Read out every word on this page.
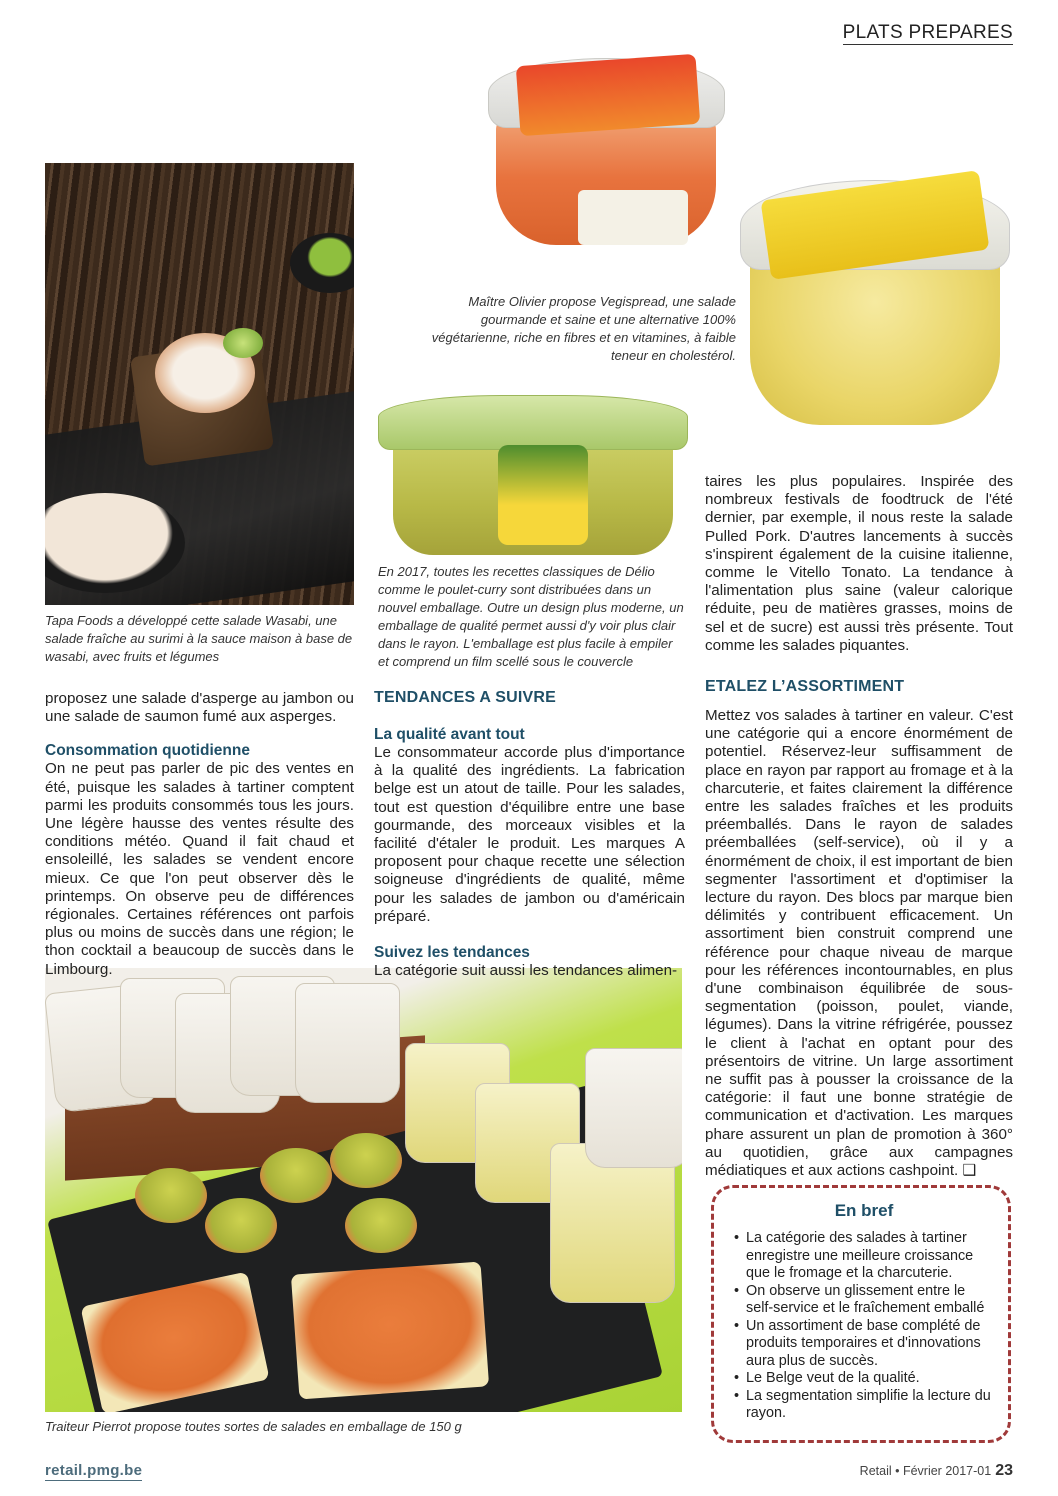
PLATS PREPARES
Tapa Foods a développé cette salade Wasabi, une salade fraîche au surimi à la sauce maison à base de wasabi, avec fruits et légumes
Maître Olivier propose Vegispread, une salade gourmande et saine et une alternative 100% végétarienne, riche en fibres et en vitamines, à faible teneur en cholestérol.
En 2017, toutes les recettes classiques de Délio comme le poulet-curry sont distribuées dans un nouvel emballage. Outre un design plus moderne, un emballage de qualité permet aussi d'y voir plus clair dans le rayon. L'emballage est plus facile à empiler et comprend un film scellé sous le couvercle
Traiteur Pierrot propose toutes sortes de salades en emballage de 150 g

proposez une salade d'asperge au jambon ou une salade de saumon fumé aux asperges.

Consommation quotidienne

On ne peut pas parler de pic des ventes en été, puisque les salades à tartiner comptent parmi les produits consommés tous les jours. Une légère hausse des ventes résulte des conditions météo. Quand il fait chaud et ensoleillé, les salades se vendent encore mieux. Ce que l'on peut observer dès le printemps. On observe peu de différences régionales. Certaines références ont parfois plus ou moins de succès dans une région; le thon cocktail a beaucoup de succès dans le Limbourg.

TENDANCES A SUIVRE
La qualité avant tout

Le consommateur accorde plus d'importance à la qualité des ingrédients. La fabrication belge est un atout de taille. Pour les salades, tout est question d'équilibre entre une base gourmande, des morceaux visibles et la facilité d'étaler le produit. Les marques A proposent pour chaque recette une sélection soigneuse d'ingrédients de qualité, même pour les salades de jambon ou d'américain préparé.

Suivez les tendances

La catégorie suit aussi les tendances alimen-

taires les plus populaires. Inspirée des nombreux festivals de foodtruck de l'été dernier, par exemple, il nous reste la salade Pulled Pork. D'autres lancements à succès s'inspirent également de la cuisine italienne, comme le Vitello Tonato. La tendance à l'alimentation plus saine (valeur calorique réduite, peu de matières grasses, moins de sel et de sucre) est aussi très présente. Tout comme les salades piquantes.

ETALEZ L’ASSORTIMENT

Mettez vos salades à tartiner en valeur. C'est une catégorie qui a encore énormément de potentiel. Réservez-leur suffisamment de place en rayon par rapport au fromage et à la charcuterie, et faites clairement la différence entre les salades fraîches et les produits préemballés. Dans le rayon de salades préemballées (self-service), où il y a énormément de choix, il est important de bien segmenter l'assortiment et d'optimiser la lecture du rayon. Des blocs par marque bien délimités y contribuent efficacement. Un assortiment bien construit comprend une référence pour chaque niveau de marque pour les références incontournables, en plus d'une combinaison équilibrée de sous-segmentation (poisson, poulet, viande, légumes). Dans la vitrine réfrigérée, poussez le client à l'achat en optant pour des présentoirs de vitrine. Un large assortiment ne suffit pas à pousser la croissance de la catégorie: il faut une bonne stratégie de communication et d'activation. Les marques phare assurent un plan de promotion à 360° au quotidien, grâce aux campagnes médiatiques et aux actions cashpoint. ❑

En bref
• La catégorie des salades à tartiner enregistre une meilleure croissance que le fromage et la charcuterie.
• On observe un glissement entre le self-service et le fraîchement emballé
• Un assortiment de base complété de produits temporaires et d'innovations aura plus de succès.
• Le Belge veut de la qualité.
• La segmentation simplifie la lecture du rayon.
retail.pmg.be	Retail • Février 2017-01 23
